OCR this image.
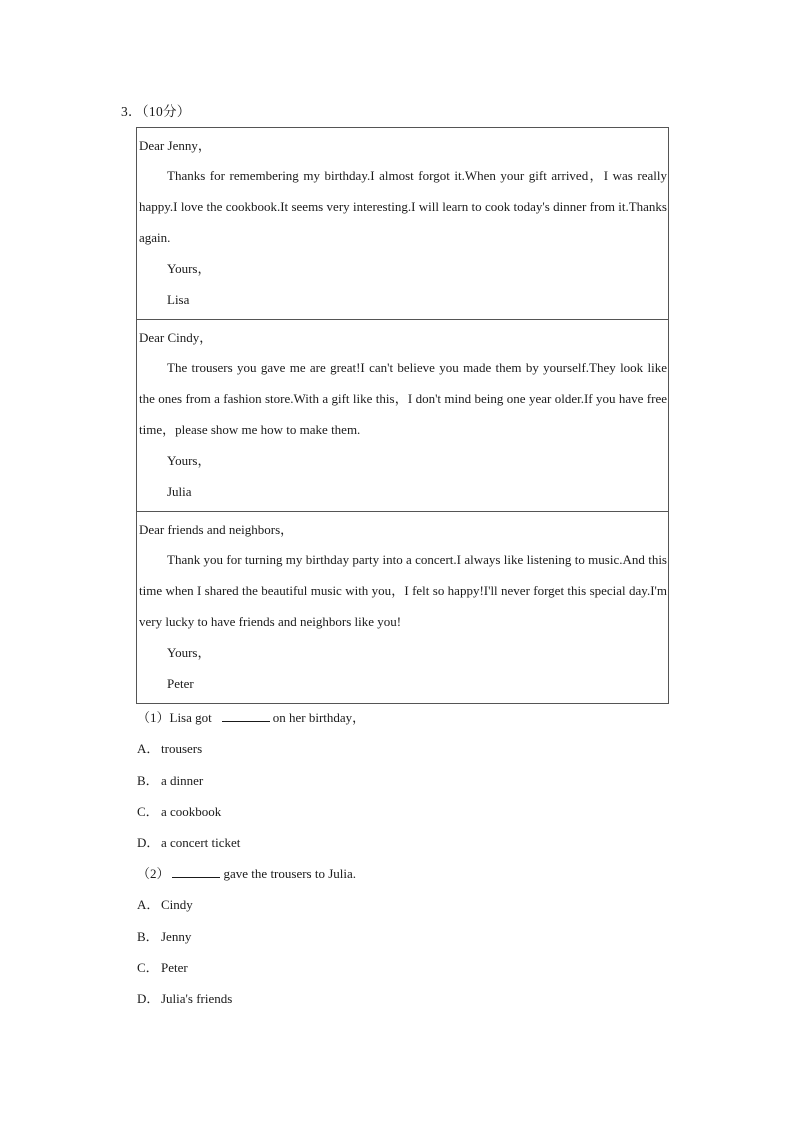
3．（10分）
Dear Jenny，
Thanks for remembering my birthday.I almost forgot it.When your gift arrived，I was really happy.I love the cookbook.It seems very interesting.I will learn to cook today's dinner from it.Thanks again.
Yours，
Lisa
Dear Cindy，
The trousers you gave me are great!I can't believe you made them by yourself.They look like the ones from a fashion store.With a gift like this，I don't mind being one year older.If you have free time，please show me how to make them.
Yours，
Julia
Dear friends and neighbors，
Thank you for turning my birthday party into a concert.I always like listening to music.And this time when I shared the beautiful music with you，I felt so happy!I'll never forget this special day.I'm very lucky to have friends and neighbors like you!
Yours，
Peter
（1）Lisa got	on her birthday，
A． trousers
B． a dinner
C． a cookbook
D． a concert ticket
（2）	gave the trousers to Julia.
A． Cindy
B． Jenny
C． Peter
D． Julia's friends
